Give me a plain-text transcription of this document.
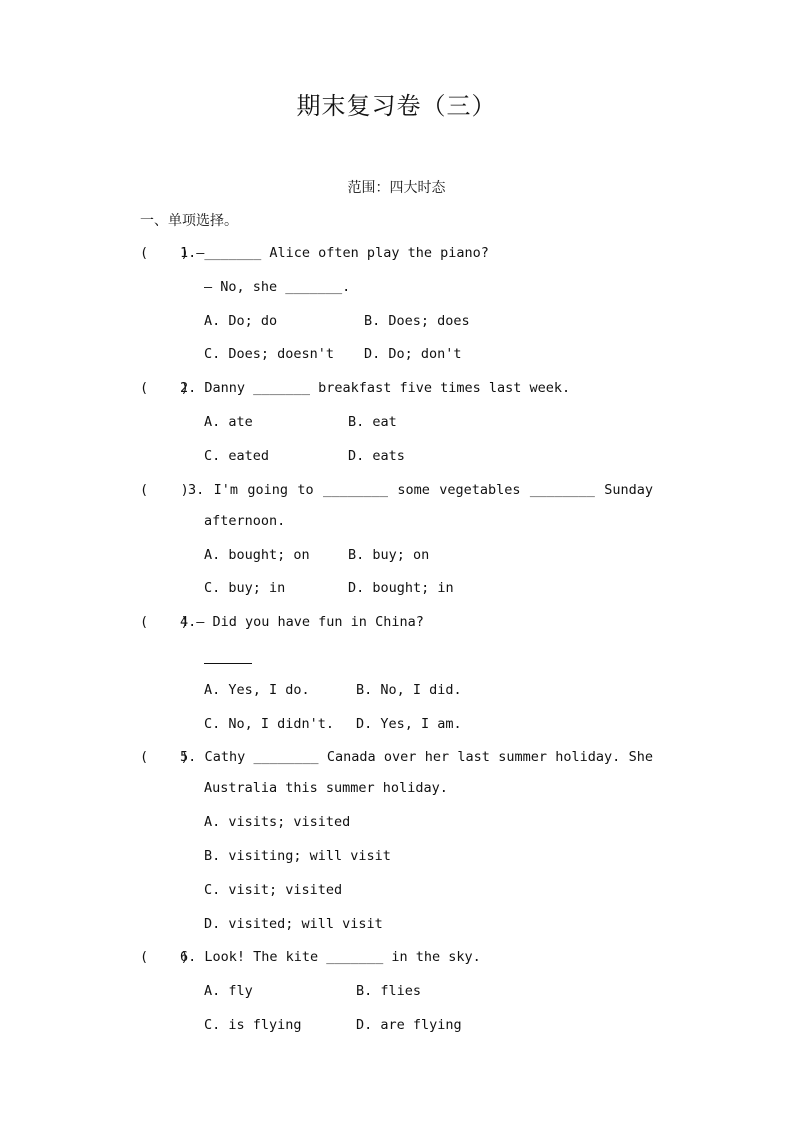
期末复习卷（三）
范围：四大时态
一、单项选择。
(    )
1.—_______ Alice often play the piano?
— No, she _______.
A. Do; do	B. Does; does
C. Does; doesn't D. Do; don't
(    )
2. Danny _______ breakfast five times last week.
A. ate	B. eat
C. eated	D. eats
(    ) 3. I'm going to ________ some vegetables ________ Sunday
afternoon.
A. bought; on	B. buy; on
C. buy; in	D. bought; in
(    )
4.— Did you have fun in China?
A. Yes, I do.	B. No, I did.
C. No, I didn't. D. Yes, I am.
(    )
5. Cathy ________ Canada over her last summer holiday. She
Australia this summer holiday.
A. visits; visited
B. visiting; will visit
C. visit; visited
D. visited; will visit
(    )
6. Look! The kite _______ in the sky.
A. fly	B. flies
C. is flying	D. are flying
